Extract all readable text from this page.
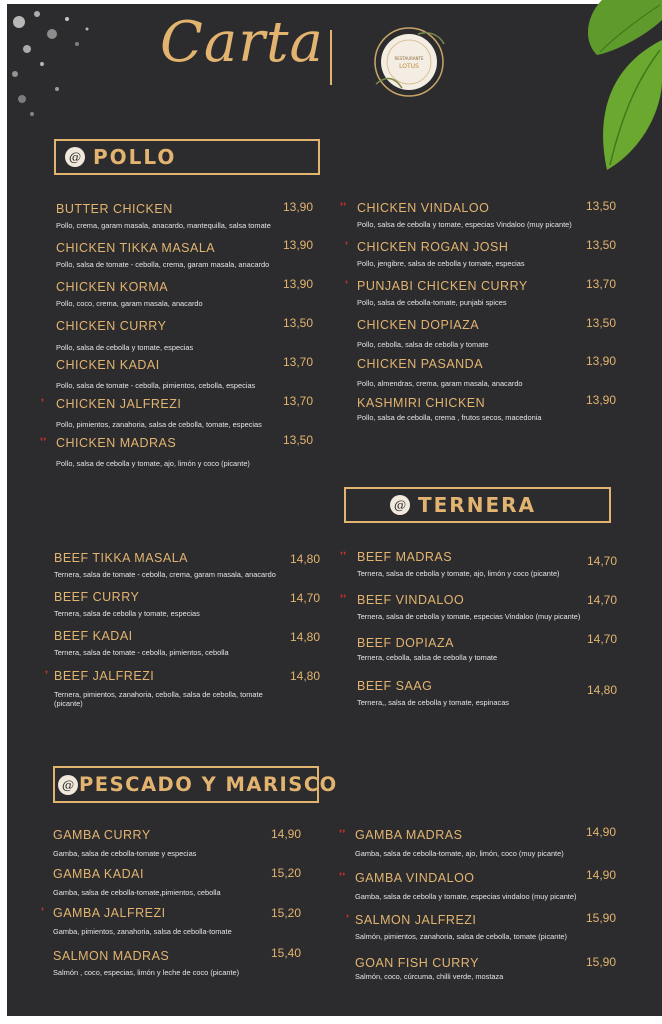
Carta	RESTAURANTE
LOTUS
@ POLLO
@ TERNERA
@ PESCADO Y MARISCO
BUTTER CHICKEN
Pollo, crema, garam masala, anacardo, mantequilla, salsa tomate
13,90
CHICKEN TIKKA MASALA
Pollo, salsa de tomate - cebolla, crema, garam masala, anacardo
13,90
CHICKEN KORMA
Pollo, coco, crema, garam masala, anacardo
13,90
CHICKEN CURRY
Pollo, salsa de cebolla y tomate, especias
13,50
CHICKEN KADAI
Pollo, salsa de tomate - cebolla, pimientos, cebolla, especias
13,70
❜ CHICKEN JALFREZI
Pollo, pimientos, zanahoria, salsa de cebolla, tomate, especias
13,70
❜❜ CHICKEN MADRAS
Pollo, salsa de cebolla y tomate, ajo, limón y coco (picante)
13,50
❜❜ CHICKEN VINDALOO
Pollo, salsa de cebolla y tomate, especias Vindaloo (muy picante)
13,50
❜ CHICKEN ROGAN JOSH
Pollo, jengibre, salsa de cebolla y tomate, especias
13,50
❜ PUNJABI CHICKEN CURRY
Pollo, salsa de cebolla-tomate, punjabi spices
13,70
CHICKEN DOPIAZA
Pollo, cebolla, salsa de cebolla y tomate
13,50
CHICKEN PASANDA
Pollo, almendras, crema, garam masala, anacardo
13,90
KASHMIRI CHICKEN
Pollo, salsa de cebolla, crema , frutos secos, macedonia
13,90
BEEF TIKKA MASALA
Ternera, salsa de tomate - cebolla, crema, garam masala, anacardo
14,80
BEEF CURRY
Ternera, salsa de cebolla y tomate, especias
14,70
BEEF KADAI
Ternera, salsa de tomate - cebolla, pimientos, cebolla
14,80
❜ BEEF JALFREZI
Ternera, pimientos, zanahoria, cebolla, salsa de cebolla, tomate (picante)
14,80
❜❜ BEEF MADRAS
Ternera, salsa de cebolla y tomate, ajo, limón y coco (picante)
14,70
❜❜ BEEF VINDALOO
Ternera, salsa de cebolla y tomate, especias Vindaloo (muy picante)
14,70
BEEF DOPIAZA
Ternera, cebolla, salsa de cebolla y tomate
14,70
BEEF SAAG
Ternera,, salsa de cebolla y tomate, espinacas
14,80
GAMBA CURRY
Gamba, salsa de cebolla-tomate y especias
14,90
GAMBA KADAI
Gamba, salsa de cebolla-tomate,pimientos, cebolla
15,20
❜ GAMBA JALFREZI
Gamba, pimientos, zanahoria, salsa de cebolla-tomate
15,20
SALMON MADRAS
Salmón , coco, especias, limón y leche de coco (picante)
15,40
❜❜ GAMBA MADRAS
Gamba, salsa de cebolla-tomate, ajo, limón, coco (muy picante)
14,90
❜❜ GAMBA VINDALOO
Gamba, salsa de cebolla y tomate, especias vindaloo (muy picante)
14,90
❜ SALMON JALFREZI
Salmón, pimientos, zanahoria, salsa de cebolla, tomate (picante)
15,90
GOAN FISH CURRY
Salmón, coco, cúrcuma, chilli verde, mostaza
15,90
